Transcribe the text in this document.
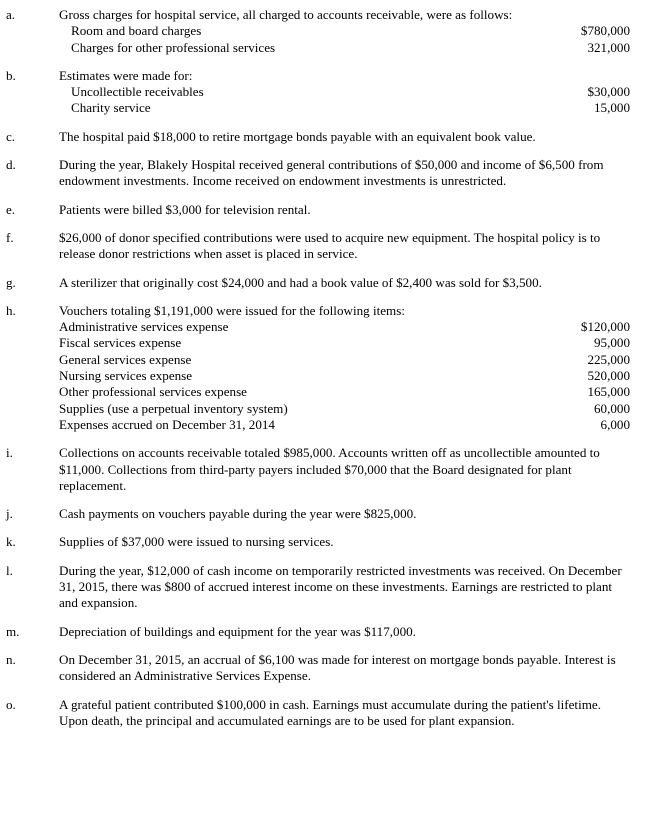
a.	Gross charges for hospital service, all charged to accounts receivable, were as follows:

Room and board charges	$780,000
Charges for other professional services	321,000
b.	Estimates were made for:

Uncollectible receivables	$30,000
Charity service	15,000
c.	The hospital paid $18,000 to retire mortgage bonds payable with an equivalent book value.

d.	During the year, Blakely Hospital received general contributions of $50,000 and income of $6,500 from endowment investments. Income received on endowment investments is unrestricted.

e.	Patients were billed $3,000 for television rental.

f.	$26,000 of donor specified contributions were used to acquire new equipment. The hospital policy is to release donor restrictions when asset is placed in service.

g.	A sterilizer that originally cost $24,000 and had a book value of $2,400 was sold for $3,500.

h.	Vouchers totaling $1,191,000 were issued for the following items:

Administrative services expense	$120,000
Fiscal services expense	95,000
General services expense	225,000
Nursing services expense	520,000
Other professional services expense	165,000
Supplies (use a perpetual inventory system)	60,000
Expenses accrued on December 31, 2014	6,000
i.	Collections on accounts receivable totaled $985,000. Accounts written off as uncollectible amounted to $11,000. Collections from third-party payers included $70,000 that the Board designated for plant replacement.

j.	Cash payments on vouchers payable during the year were $825,000.

k.	Supplies of $37,000 were issued to nursing services.

l.	During the year, $12,000 of cash income on temporarily restricted investments was received. On December 31, 2015, there was $800 of accrued interest income on these investments. Earnings are restricted to plant and expansion.

m.	Depreciation of buildings and equipment for the year was $117,000.

n.	On December 31, 2015, an accrual of $6,100 was made for interest on mortgage bonds payable. Interest is considered an Administrative Services Expense.

o.	A grateful patient contributed $100,000 in cash. Earnings must accumulate during the patient's lifetime. Upon death, the principal and accumulated earnings are to be used for plant expansion.
